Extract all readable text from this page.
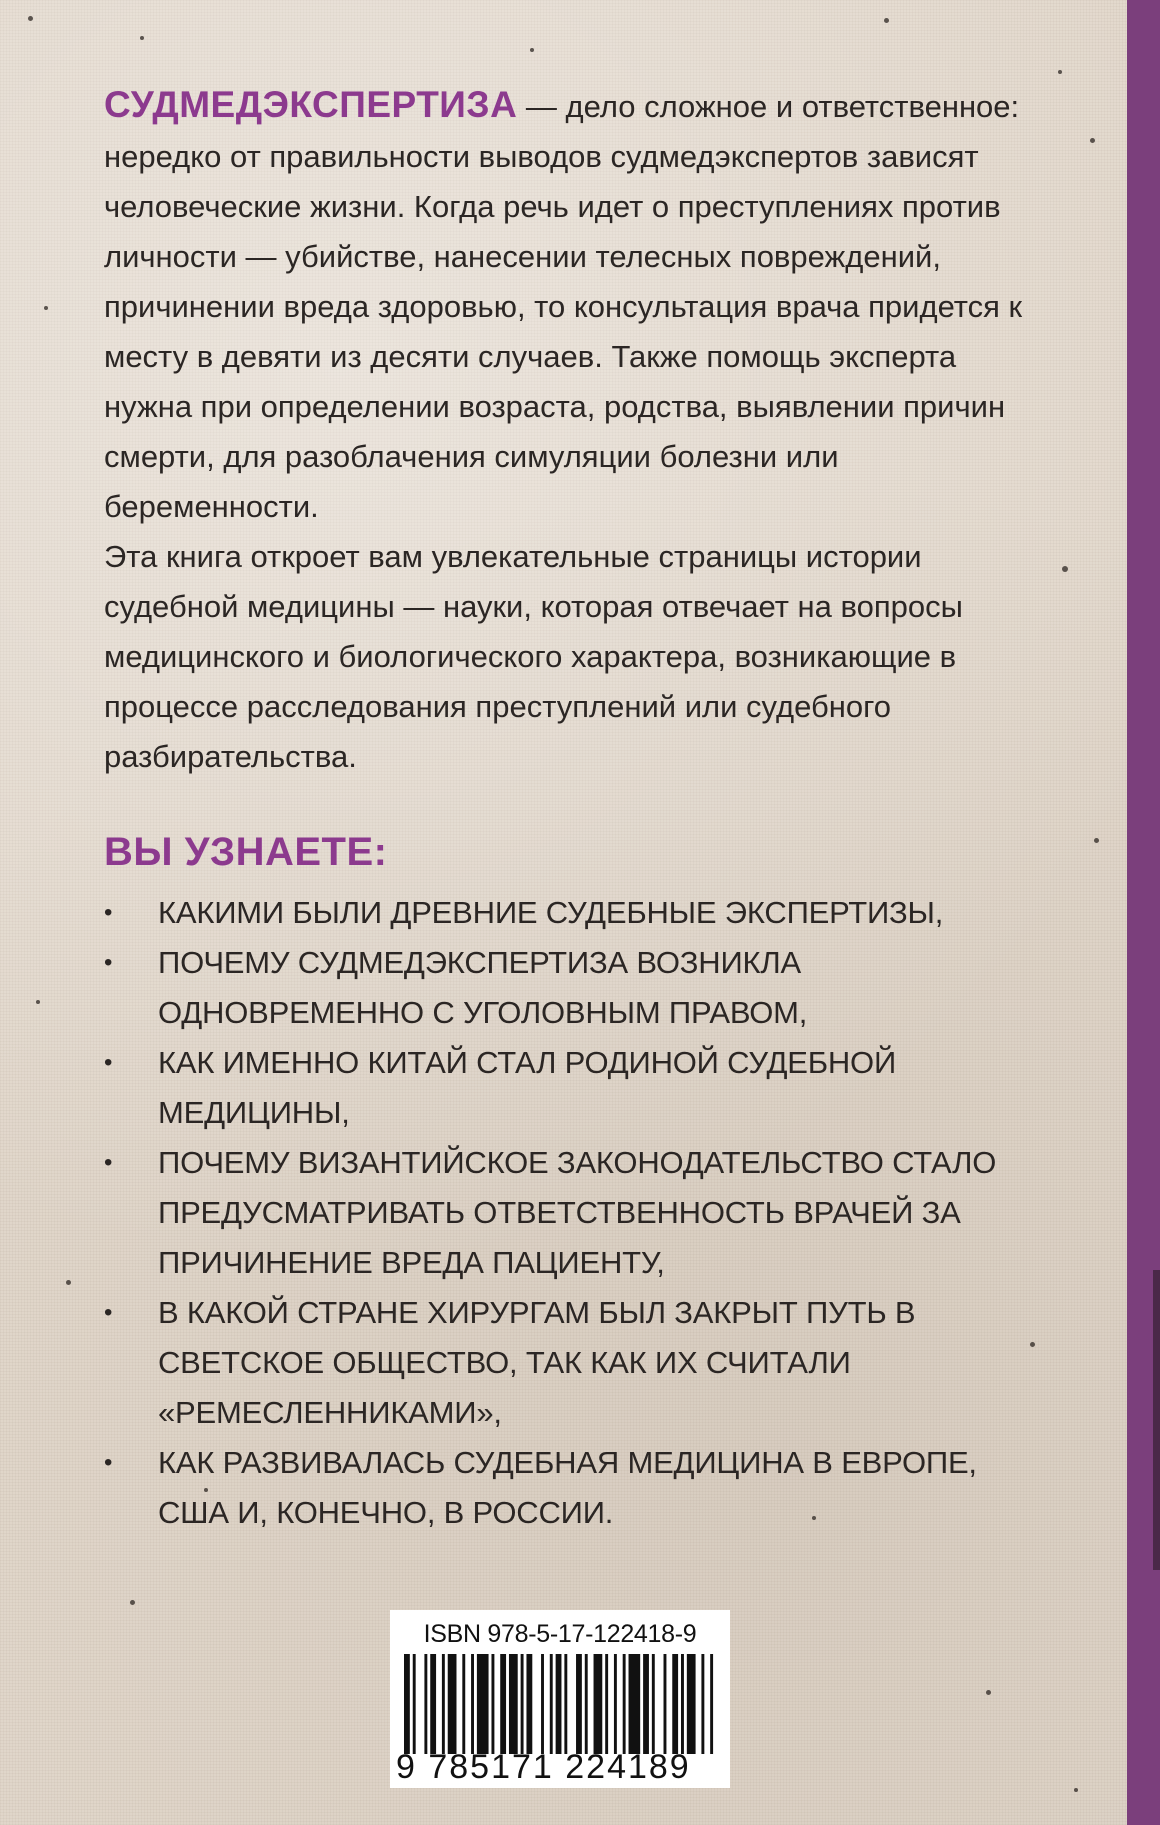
СУДМЕДЭКСПЕРТИЗА — дело сложное и ответственное: нередко от правильности выводов судмедэкспертов зависят человеческие жизни. Когда речь идет о преступлениях против личности — убийстве, нанесении телесных повреждений, причинении вреда здоровью, то консультация врача придется к месту в девяти из десяти случаев. Также помощь эксперта нужна при определении возраста, родства, выявлении причин смерти, для разоблачения симуляции болезни или беременности.

Эта книга откроет вам увлекательные страницы истории судебной медицины — науки, которая отвечает на вопросы медицинского и биологического характера, возникающие в процессе расследования преступлений или судебного разбирательства.

ВЫ УЗНАЕТЕ:
• КАКИМИ БЫЛИ ДРЕВНИЕ СУДЕБНЫЕ ЭКСПЕРТИЗЫ,
• ПОЧЕМУ СУДМЕДЭКСПЕРТИЗА ВОЗНИКЛА ОДНОВРЕМЕННО С УГОЛОВНЫМ ПРАВОМ,
• КАК ИМЕННО КИТАЙ СТАЛ РОДИНОЙ СУДЕБНОЙ МЕДИЦИНЫ,
• ПОЧЕМУ ВИЗАНТИЙСКОЕ ЗАКОНОДАТЕЛЬСТВО СТАЛО ПРЕДУСМАТРИВАТЬ ОТВЕТСТВЕННОСТЬ ВРАЧЕЙ ЗА ПРИЧИНЕНИЕ ВРЕДА ПАЦИЕНТУ,
• В КАКОЙ СТРАНЕ ХИРУРГАМ БЫЛ ЗАКРЫТ ПУТЬ В СВЕТСКОЕ ОБЩЕСТВО, ТАК КАК ИХ СЧИТАЛИ «РЕМЕСЛЕННИКАМИ»,
• КАК РАЗВИВАЛАСЬ СУДЕБНАЯ МЕДИЦИНА В ЕВРОПЕ, США И, КОНЕЧНО, В РОССИИ.
ISBN 978-5-17-122418-9
9 785171 224189
